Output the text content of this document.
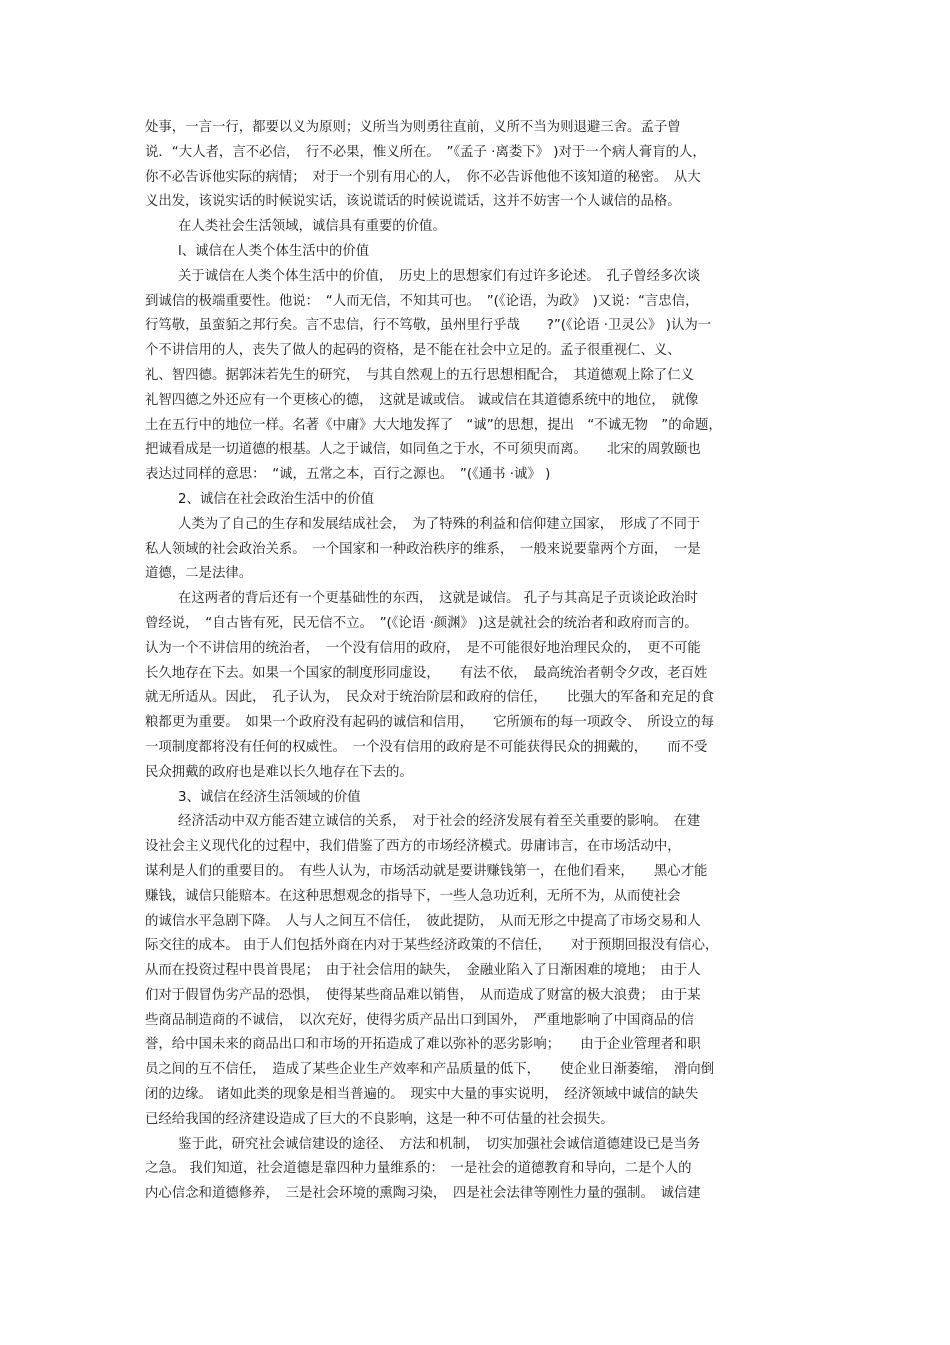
处事，一言一行，都要以义为原则；义所当为则勇往直前，义所不当为则退避三舍。孟子曾
说．“大人者，言不必信，　行不必果，惟义所在。　”《孟子 ·离娄下》 )对于一个病人膏肓的人，
你不必告诉他实际的病情；　对于一个别有用心的人，　你不必告诉他他不该知道的秘密。　从大
义出发，该说实话的时候说实话，该说谎话的时候说谎话，这并不妨害一个人诚信的品格。
在人类社会生活领域，诚信具有重要的价值。
l、诚信在人类个体生活中的价值
关于诚信在人类个体生活中的价值，　历史上的思想家们有过许多论述。　孔子曾经多次谈
到诚信的极端重要性。他说：　“人而无信，不知其可也。　”(《论语，为政》　)又说：“言忠信，
行笃敬，虽蛮貊之邦行矣。言不忠信，行不笃敬，虽州里行乎哉　　?”(《论语 ·卫灵公》 )认为一
个不讲信用的人，丧失了做人的起码的资格，是不能在社会中立足的。孟子很重视仁、义、
礼、智四德。据郭沫若先生的研究，　与其自然观上的五行思想相配合，　其道德观上除了仁义
礼智四德之外还应有一个更核心的德，　这就是诚或信。 诚或信在其道德系统中的地位，　就像
土在五行中的地位一样。名著《中庸》大大地发挥了　“诚”的思想，提出　“不诚无物　”的命题，
把诚看成是一切道德的根基。人之于诚信，如同鱼之于水，不可须臾而离。　　北宋的周敦颐也
表达过同样的意思：　“诚，五常之本，百行之源也。　”(《通书 ·诚》 )
2、诚信在社会政治生活中的价值
人类为了自己的生存和发展结成社会，　为了特殊的利益和信仰建立国家，　形成了不同于
私人领域的社会政治关系。　一个国家和一种政治秩序的维系，　一般来说要靠两个方面，　一是
道德，二是法律。
在这两者的背后还有一个更基础性的东西，　这就是诚信。 孔子与其高足子贡谈论政治时
曾经说，　“自古皆有死，民无信不立。　”(《论语 ·颜渊》 )这是就社会的统治者和政府而言的。
认为一个不讲信用的统治者，　一个没有信用的政府，　是不可能很好地治理民众的，　更不可能
长久地存在下去。如果一个国家的制度形同虚设，　　有法不依，　最高统治者朝令夕改，老百姓
就无所适从。因此，　孔子认为，　民众对于统治阶层和政府的信任，　　比强大的军备和充足的食
粮都更为重要。　如果一个政府没有起码的诚信和信用，　　它所颁布的每一项政令、　所设立的每
一项制度都将没有任何的权威性。　一个没有信用的政府是不可能获得民众的拥戴的，　　而不受
民众拥戴的政府也是难以长久地存在下去的。
3、诚信在经济生活领域的价值
经济活动中双方能否建立诚信的关系，　对于社会的经济发展有着至关重要的影响。　在建
设社会主义现代化的过程中，我们借鉴了西方的市场经济模式。毋庸讳言，在市场活动中，
谋利是人们的重要目的。　有些人认为，市场活动就是要讲赚钱第一，在他们看来，　　黑心才能
赚钱，诚信只能赔本。在这种思想观念的指导下，一些人急功近利，无所不为，从而使社会
的诚信水平急剧下降。　人与人之间互不信任，　彼此提防，　从而无形之中提高了市场交易和人
际交往的成本。 由于人们包括外商在内对于某些经济政策的不信任，　　对于预期回报没有信心，
从而在投资过程中畏首畏尾；　由于社会信用的缺失，　金融业陷入了日渐困难的境地；　由于人
们对于假冒伪劣产品的恐惧，　使得某些商品难以销售，　从而造成了财富的极大浪费；　由于某
些商品制造商的不诚信，　以次充好，使得劣质产品出口到国外，　严重地影响了中国商品的信
誉，给中国未来的商品出口和市场的开拓造成了难以弥补的恶劣影响；　　由于企业管理者和职
员之间的互不信任，　造成了某些企业生产效率和产品质量的低下，　　使企业日渐萎缩，　滑向倒
闭的边缘。 诸如此类的现象是相当普遍的。　现实中大量的事实说明，　经济领域中诚信的缺失
已经给我国的经济建设造成了巨大的不良影响，这是一种不可估量的社会损失。
鉴于此，研究社会诚信建设的途径、　方法和机制，　切实加强社会诚信道德建设已是当务
之急。 我们知道，社会道德是靠四种力量维系的：　一是社会的道德教育和导向，二是个人的
内心信念和道德修养，　三是社会环境的熏陶习染，　四是社会法律等刚性力量的强制。　诚信建
